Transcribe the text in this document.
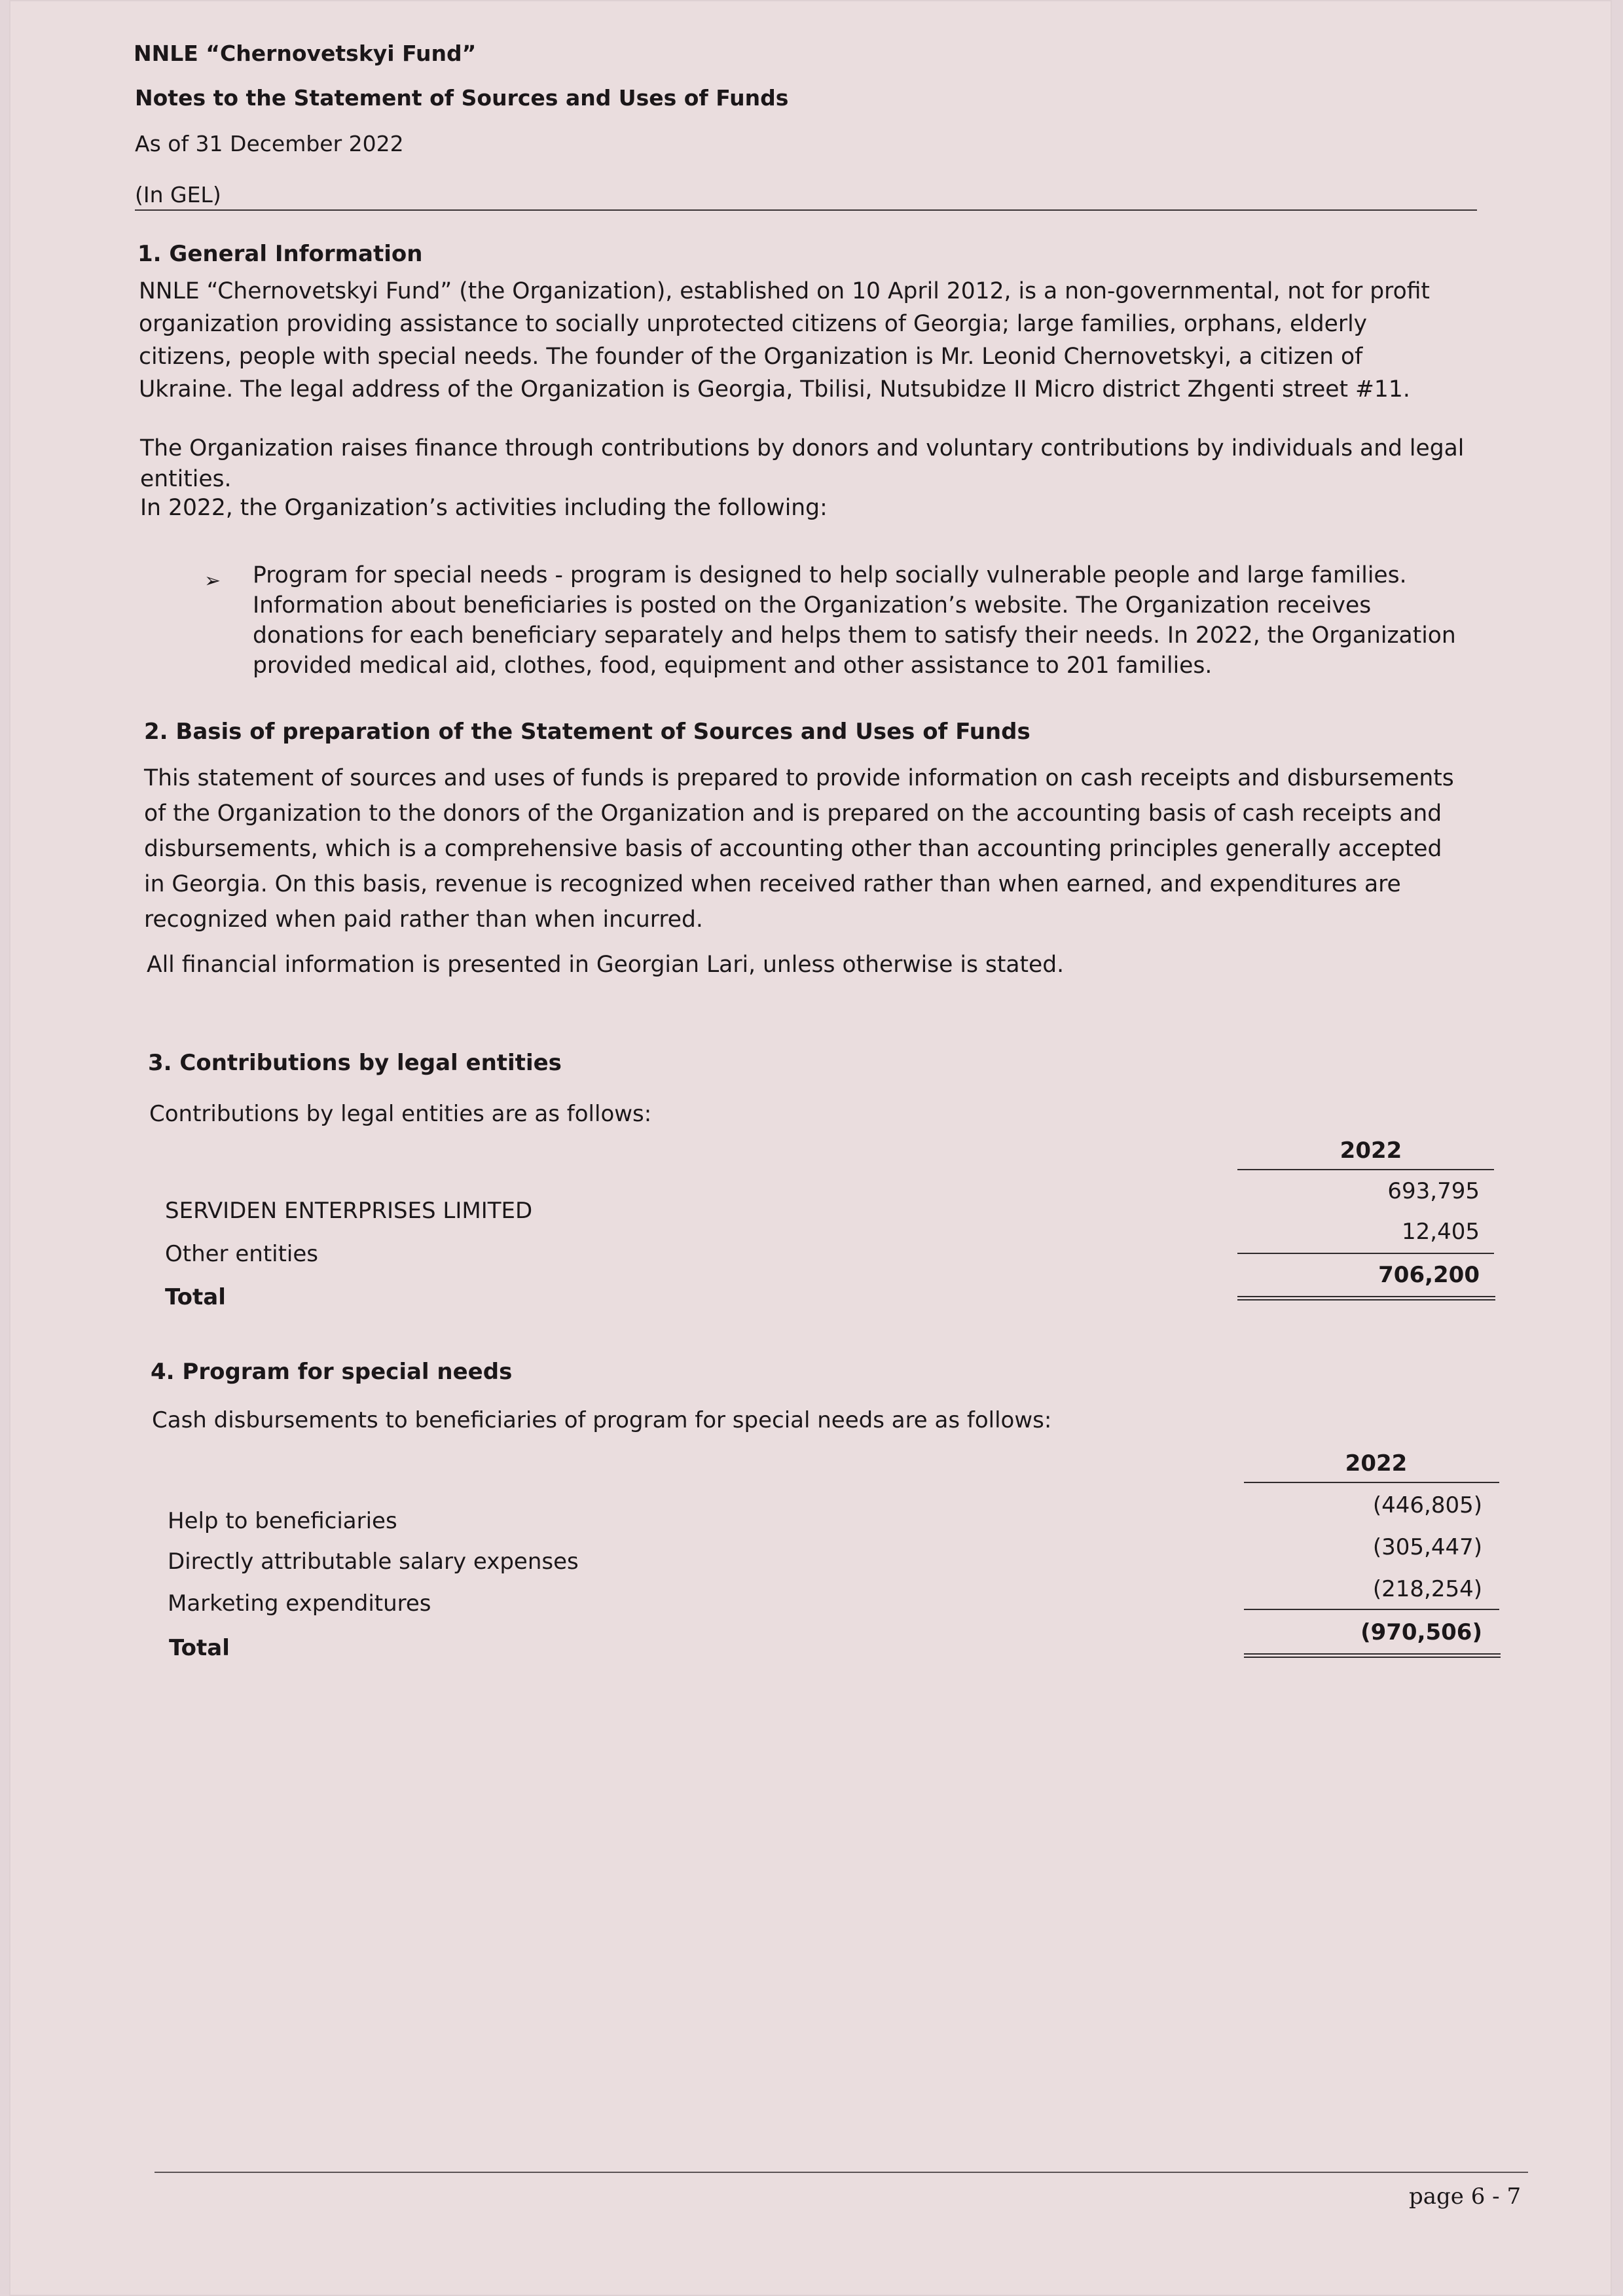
NNLE “Chernovetskyi Fund”
Notes to the Statement of Sources and Uses of Funds
As of 31 December 2022
(In GEL)
1. General Information
NNLE “Chernovetskyi Fund” (the Organization), established on 10 April 2012, is a non-governmental, not for profit
organization providing assistance to socially unprotected citizens of Georgia; large families, orphans, elderly
citizens, people with special needs. The founder of the Organization is Mr. Leonid Chernovetskyi, a citizen of
Ukraine. The legal address of the Organization is Georgia, Tbilisi, Nutsubidze II Micro district Zhgenti street #11.
The Organization raises finance through contributions by donors and voluntary contributions by individuals and legal
entities.
In 2022, the Organization’s activities including the following:
➢ Program for special needs - program is designed to help socially vulnerable people and large families.
Information about beneficiaries is posted on the Organization’s website. The Organization receives
donations for each beneficiary separately and helps them to satisfy their needs. In 2022, the Organization
provided medical aid, clothes, food, equipment and other assistance to 201 families.
2. Basis of preparation of the Statement of Sources and Uses of Funds
This statement of sources and uses of funds is prepared to provide information on cash receipts and disbursements
of the Organization to the donors of the Organization and is prepared on the accounting basis of cash receipts and
disbursements, which is a comprehensive basis of accounting other than accounting principles generally accepted
in Georgia. On this basis, revenue is recognized when received rather than when earned, and expenditures are
recognized when paid rather than when incurred.
All financial information is presented in Georgian Lari, unless otherwise is stated.
3. Contributions by legal entities
Contributions by legal entities are as follows:
2022
SERVIDEN ENTERPRISES LIMITED
693,795
Other entities
12,405
Total
706,200
4. Program for special needs
Cash disbursements to beneficiaries of program for special needs are as follows:
2022
Help to beneficiaries
(446,805)
Directly attributable salary expenses
(305,447)
Marketing expenditures
(218,254)
Total
(970,506)
page 6 - 7
